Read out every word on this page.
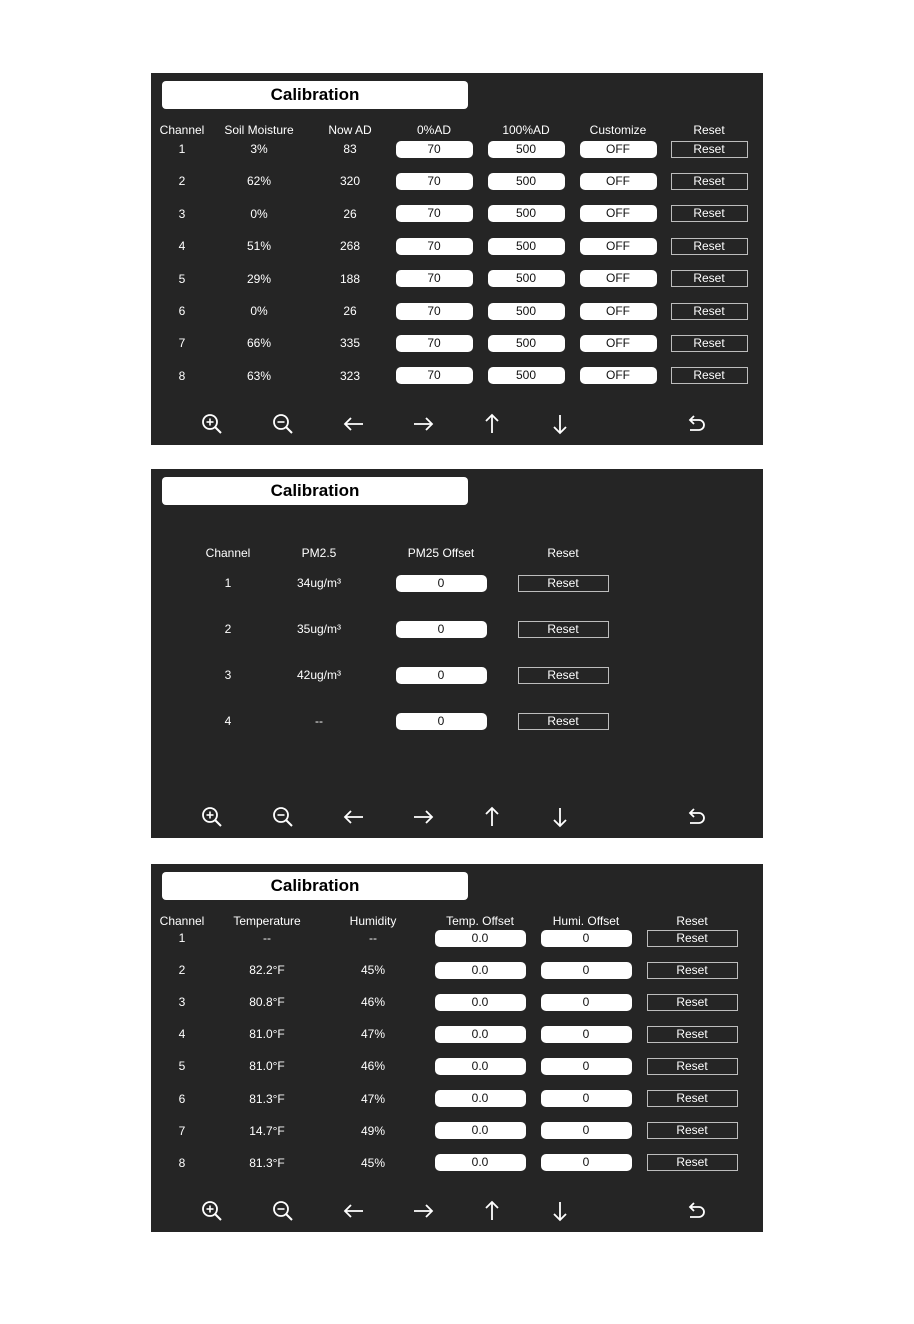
Calibration
Channel Soil Moisture	Now AD	0%AD	100%AD	Customize	Reset
1	3%	83	70	500	OFF	Reset
2	62%	320	70	500	OFF	Reset
3	0%	26	70	500	OFF	Reset
4	51%	268	70	500	OFF	Reset
5	29%	188	70	500	OFF	Reset
6	0%	26	70	500	OFF	Reset
7	66%	335	70	500	OFF	Reset
8	63%	323	70	500	OFF	Reset
Calibration
Channel	PM2.5	PM25 Offset	Reset
1	34ug/m³	0	Reset
2	35ug/m³	0	Reset
3	42ug/m³	0	Reset
4	--	0	Reset
Calibration
Channel Temperature	Humidity	Temp. Offset	Humi. Offset	Reset
1	--	--	0.0	0	Reset
2	82.2°F	45%	0.0	0	Reset
3	80.8°F	46%	0.0	0	Reset
4	81.0°F	47%	0.0	0	Reset
5	81.0°F	46%	0.0	0	Reset
6	81.3°F	47%	0.0	0	Reset
7	14.7°F	49%	0.0	0	Reset
8	81.3°F	45%	0.0	0	Reset
